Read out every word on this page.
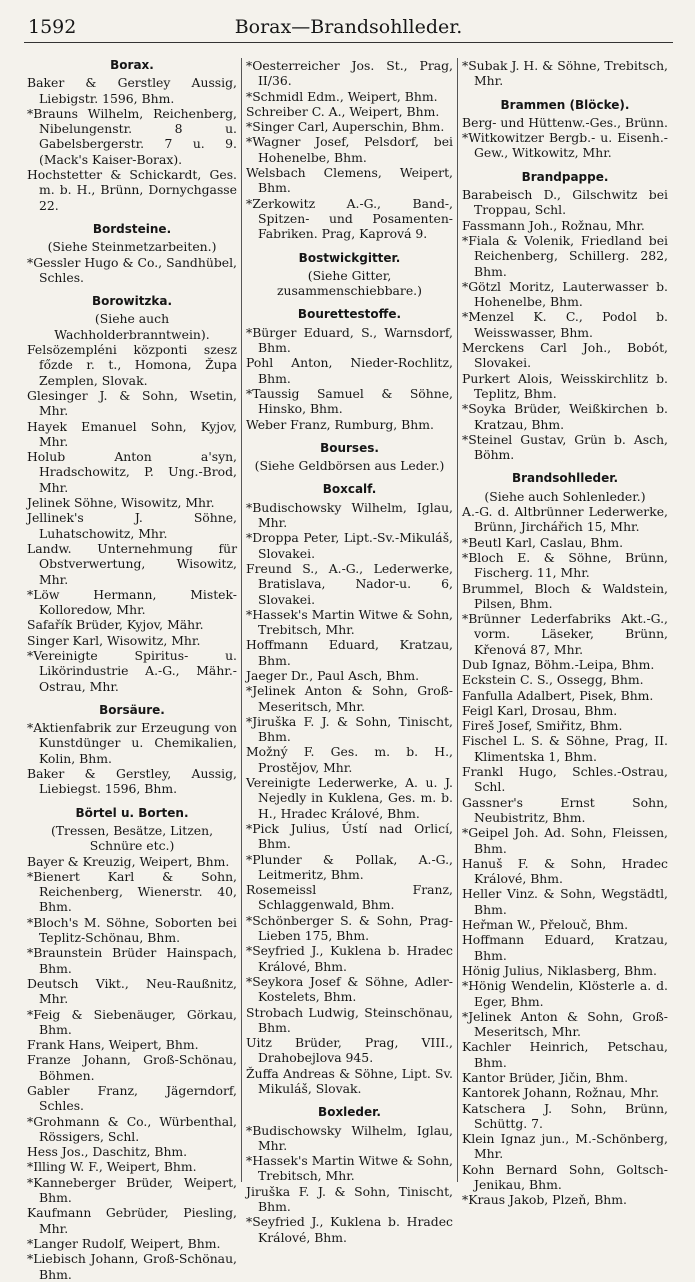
1592	Borax—Brandsohlleder.
Borax.
Baker & Gerstley Aussig, Liebigstr. 1596, Bhm.
*Brauns Wilhelm, Reichenberg, Nibelungenstr. 8 u. Gabelsbergerstr. 7 u. 9. (Mack's Kaiser-Borax).
Hochstetter & Schickardt, Ges. m. b. H., Brünn, Dornychgasse 22.
Bordsteine.
(Siehe Steinmetzarbeiten.)
*Gessler Hugo & Co., Sandhübel, Schles.
Borowitzka.
(Siehe auch Wachholderbranntwein).
Felsözempléni központi szesz főzde r. t., Homona, Župa Zemplen, Slovak.
Glesinger J. & Sohn, Wsetin, Mhr.
Hayek Emanuel Sohn, Kyjov, Mhr.
Holub Anton a'syn, Hradschowitz, P. Ung.-Brod, Mhr.
Jelinek Söhne, Wisowitz, Mhr.
Jellinek's J. Söhne, Luhatschowitz, Mhr.
Landw. Unternehmung für Obstverwertung, Wisowitz, Mhr.
*Löw Hermann, Mistek-Kolloredow, Mhr.
Safařík Brüder, Kyjov, Mähr.
Singer Karl, Wisowitz, Mhr.
*Vereinigte Spiritus- u. Likörindustrie A.-G., Mähr.-Ostrau, Mhr.
Borsäure.
*Aktienfabrik zur Erzeugung von Kunstdünger u. Chemikalien, Kolin, Bhm.
Baker & Gerstley, Aussig, Liebiegst. 1596, Bhm.
Börtel u. Borten.
(Tressen, Besätze, Litzen, Schnüre etc.)
Bayer & Kreuzig, Weipert, Bhm.
*Bienert Karl & Sohn, Reichenberg, Wienerstr. 40, Bhm.
*Bloch's M. Söhne, Soborten bei Teplitz-Schönau, Bhm.
*Braunstein Brüder Hainspach, Bhm.
Deutsch Vikt., Neu-Raußnitz, Mhr.
*Feig & Siebenäuger, Görkau, Bhm.
Frank Hans, Weipert, Bhm.
Franze Johann, Groß-Schönau, Böhmen.
Gabler Franz, Jägerndorf, Schles.
*Grohmann & Co., Würbenthal, Rössigers, Schl.
Hess Jos., Daschitz, Bhm.
*Illing W. F., Weipert, Bhm.
*Kanneberger Brüder, Weipert, Bhm.
Kaufmann Gebrüder, Piesling, Mhr.
*Langer Rudolf, Weipert, Bhm.
*Liebisch Johann, Groß-Schönau, Bhm.
*Oesterreicher Jos. St., Prag, II/36.
*Schmidl Edm., Weipert, Bhm.
Schreiber C. A., Weipert, Bhm.
*Singer Carl, Auperschin, Bhm.
*Wagner Josef, Pelsdorf, bei Hohenelbe, Bhm.
Welsbach Clemens, Weipert, Bhm.
*Zerkowitz A.-G., Band-, Spitzen- und Posamenten- Fabriken. Prag, Kaprová 9.
Bostwickgitter.
(Siehe Gitter, zusammenschiebbare.)
Bourettestoffe.
*Bürger Eduard, S., Warnsdorf, Bhm.
Pohl Anton, Nieder-Rochlitz, Bhm.
*Taussig Samuel & Söhne, Hinsko, Bhm.
Weber Franz, Rumburg, Bhm.
Bourses.
(Siehe Geldbörsen aus Leder.)
Boxcalf.
*Budischowsky Wilhelm, Iglau, Mhr.
*Droppa Peter, Lipt.-Sv.-Mikuláš, Slovakei.
Freund S., A.-G., Lederwerke, Bratislava, Nador-u. 6, Slovakei.
*Hassek's Martin Witwe & Sohn, Trebitsch, Mhr.
Hoffmann Eduard, Kratzau, Bhm.
Jaeger Dr., Paul Asch, Bhm.
*Jelinek Anton & Sohn, Groß-Meseritsch, Mhr.
*Jiruška F. J. & Sohn, Tinischt, Bhm.
Možný F. Ges. m. b. H., Prostějov, Mhr.
Vereinigte Lederwerke, A. u. J. Nejedly in Kuklena, Ges. m. b. H., Hradec Králové, Bhm.
*Pick Julius, Ústí nad Orlicí, Bhm.
*Plunder & Pollak, A.-G., Leitmeritz, Bhm.
Rosemeissl Franz, Schlaggenwald, Bhm.
*Schönberger S. & Sohn, Prag-Lieben 175, Bhm.
*Seyfried J., Kuklena b. Hradec Králové, Bhm.
*Seykora Josef & Söhne, Adler-Kostelets, Bhm.
Strobach Ludwig, Steinschönau, Bhm.
Uitz Brüder, Prag, VIII., Drahobejlova 945.
Žuffa Andreas & Söhne, Lipt. Sv. Mikuláš, Slovak.
Boxleder.
*Budischowsky Wilhelm, Iglau, Mhr.
*Hassek's Martin Witwe & Sohn, Trebitsch, Mhr.
Jiruška F. J. & Sohn, Tinischt, Bhm.
*Seyfried J., Kuklena b. Hradec Králové, Bhm.
*Subak J. H. & Söhne, Trebitsch, Mhr.
Brammen (Blöcke).
Berg- und Hüttenw.-Ges., Brünn.
*Witkowitzer Bergb.- u. Eisenh.-Gew., Witkowitz, Mhr.
Brandpappe.
Barabeisch D., Gilschwitz bei Troppau, Schl.
Fassmann Joh., Rožnau, Mhr.
*Fiala & Volenik, Friedland bei Reichenberg, Schillerg. 282, Bhm.
*Götzl Moritz, Lauterwasser b. Hohenelbe, Bhm.
*Menzel K. C., Podol b. Weisswasser, Bhm.
Merckens Carl Joh., Bobót, Slovakei.
Purkert Alois, Weisskirchlitz b. Teplitz, Bhm.
*Soyka Brüder, Weißkirchen b. Kratzau, Bhm.
*Steinel Gustav, Grün b. Asch, Böhm.
Brandsohlleder.
(Siehe auch Sohlenleder.)
A.-G. d. Altbrünner Lederwerke, Brünn, Jirchářich 15, Mhr.
*Beutl Karl, Caslau, Bhm.
*Bloch E. & Söhne, Brünn, Fischerg. 11, Mhr.
Brummel, Bloch & Waldstein, Pilsen, Bhm.
*Brünner Lederfabriks Akt.-G., vorm. Läseker, Brünn, Křenová 87, Mhr.
Dub Ignaz, Böhm.-Leipa, Bhm.
Eckstein C. S., Ossegg, Bhm.
Fanfulla Adalbert, Pisek, Bhm.
Feigl Karl, Drosau, Bhm.
Fireš Josef, Smiřitz, Bhm.
Fischel L. S. & Söhne, Prag, II. Klimentska 1, Bhm.
Frankl Hugo, Schles.-Ostrau, Schl.
Gassner's Ernst Sohn, Neubistritz, Bhm.
*Geipel Joh. Ad. Sohn, Fleissen, Bhm.
Hanuš F. & Sohn, Hradec Králové, Bhm.
Heller Vinz. & Sohn, Wegstädtl, Bhm.
Heřman W., Přelouč, Bhm.
Hoffmann Eduard, Kratzau, Bhm.
Hönig Julius, Niklasberg, Bhm.
*Hönig Wendelin, Klösterle a. d. Eger, Bhm.
*Jelinek Anton & Sohn, Groß-Meseritsch, Mhr.
Kachler Heinrich, Petschau, Bhm.
Kantor Brüder, Jičin, Bhm.
Kantorek Johann, Rožnau, Mhr.
Katschera J. Sohn, Brünn, Schüttg. 7.
Klein Ignaz jun., M.-Schönberg, Mhr.
Kohn Bernard Sohn, Goltsch-Jenikau, Bhm.
*Kraus Jakob, Plzeň, Bhm.
